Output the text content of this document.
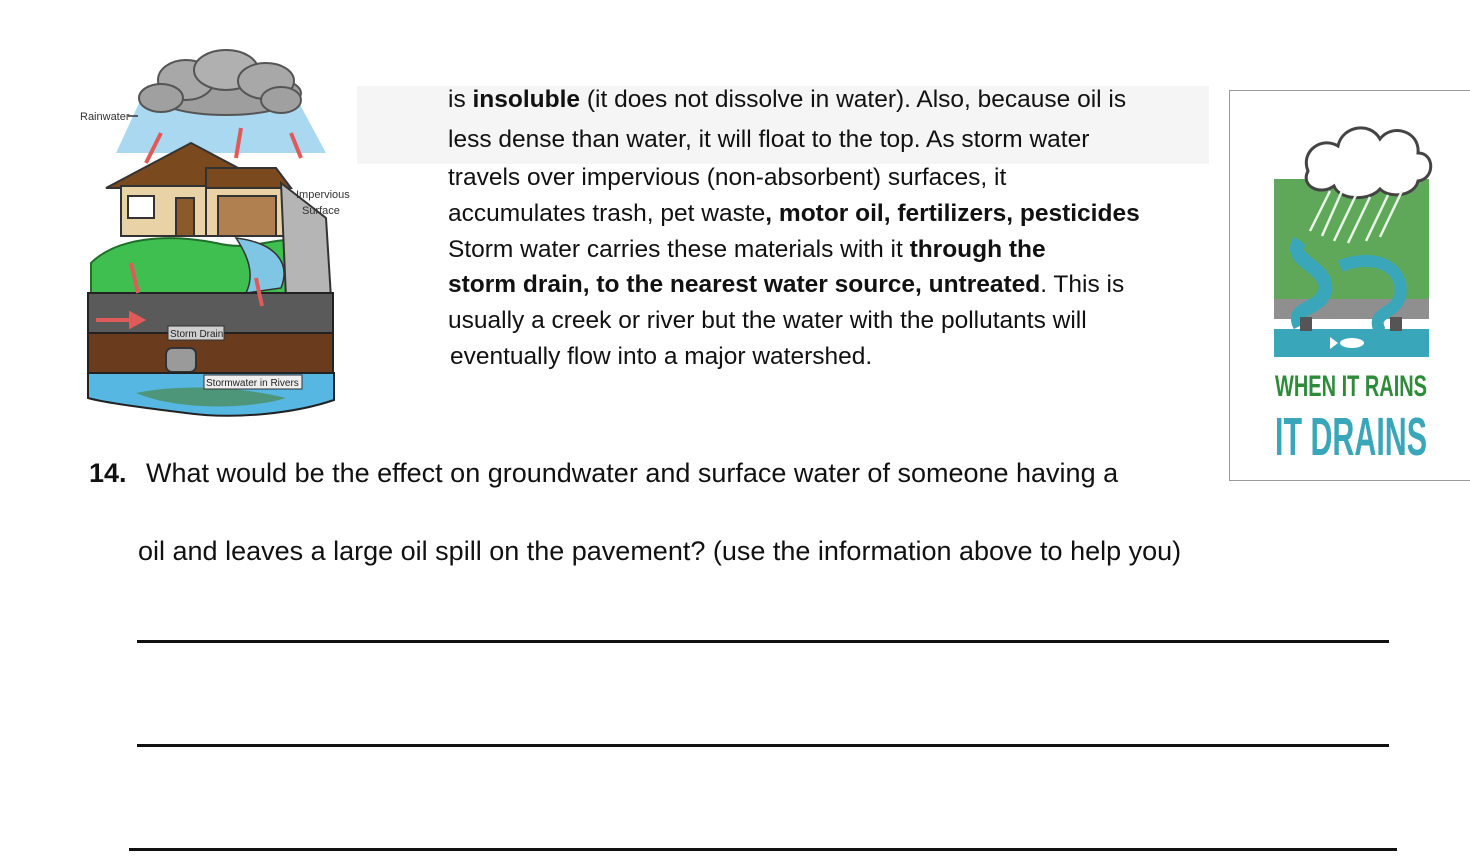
Rainwater
Impervious
Surface
Storm Drain
Stormwater in Rivers
is insoluble (it does not dissolve in water). Also, because oil is
less dense than water, it will float to the top. As storm water
travels over impervious (non-absorbent) surfaces, it
accumulates trash, pet waste, motor oil, fertilizers, pesticides
Storm water carries these materials with it through the
storm drain, to the nearest water source, untreated. This is
usually a creek or river but the water with the pollutants will
eventually flow into a major watershed.
WHEN IT RAINS
IT DRAINS
14. What would be the effect on groundwater and surface water of someone having a
oil and leaves a large oil spill on the pavement? (use the information above to help you)
